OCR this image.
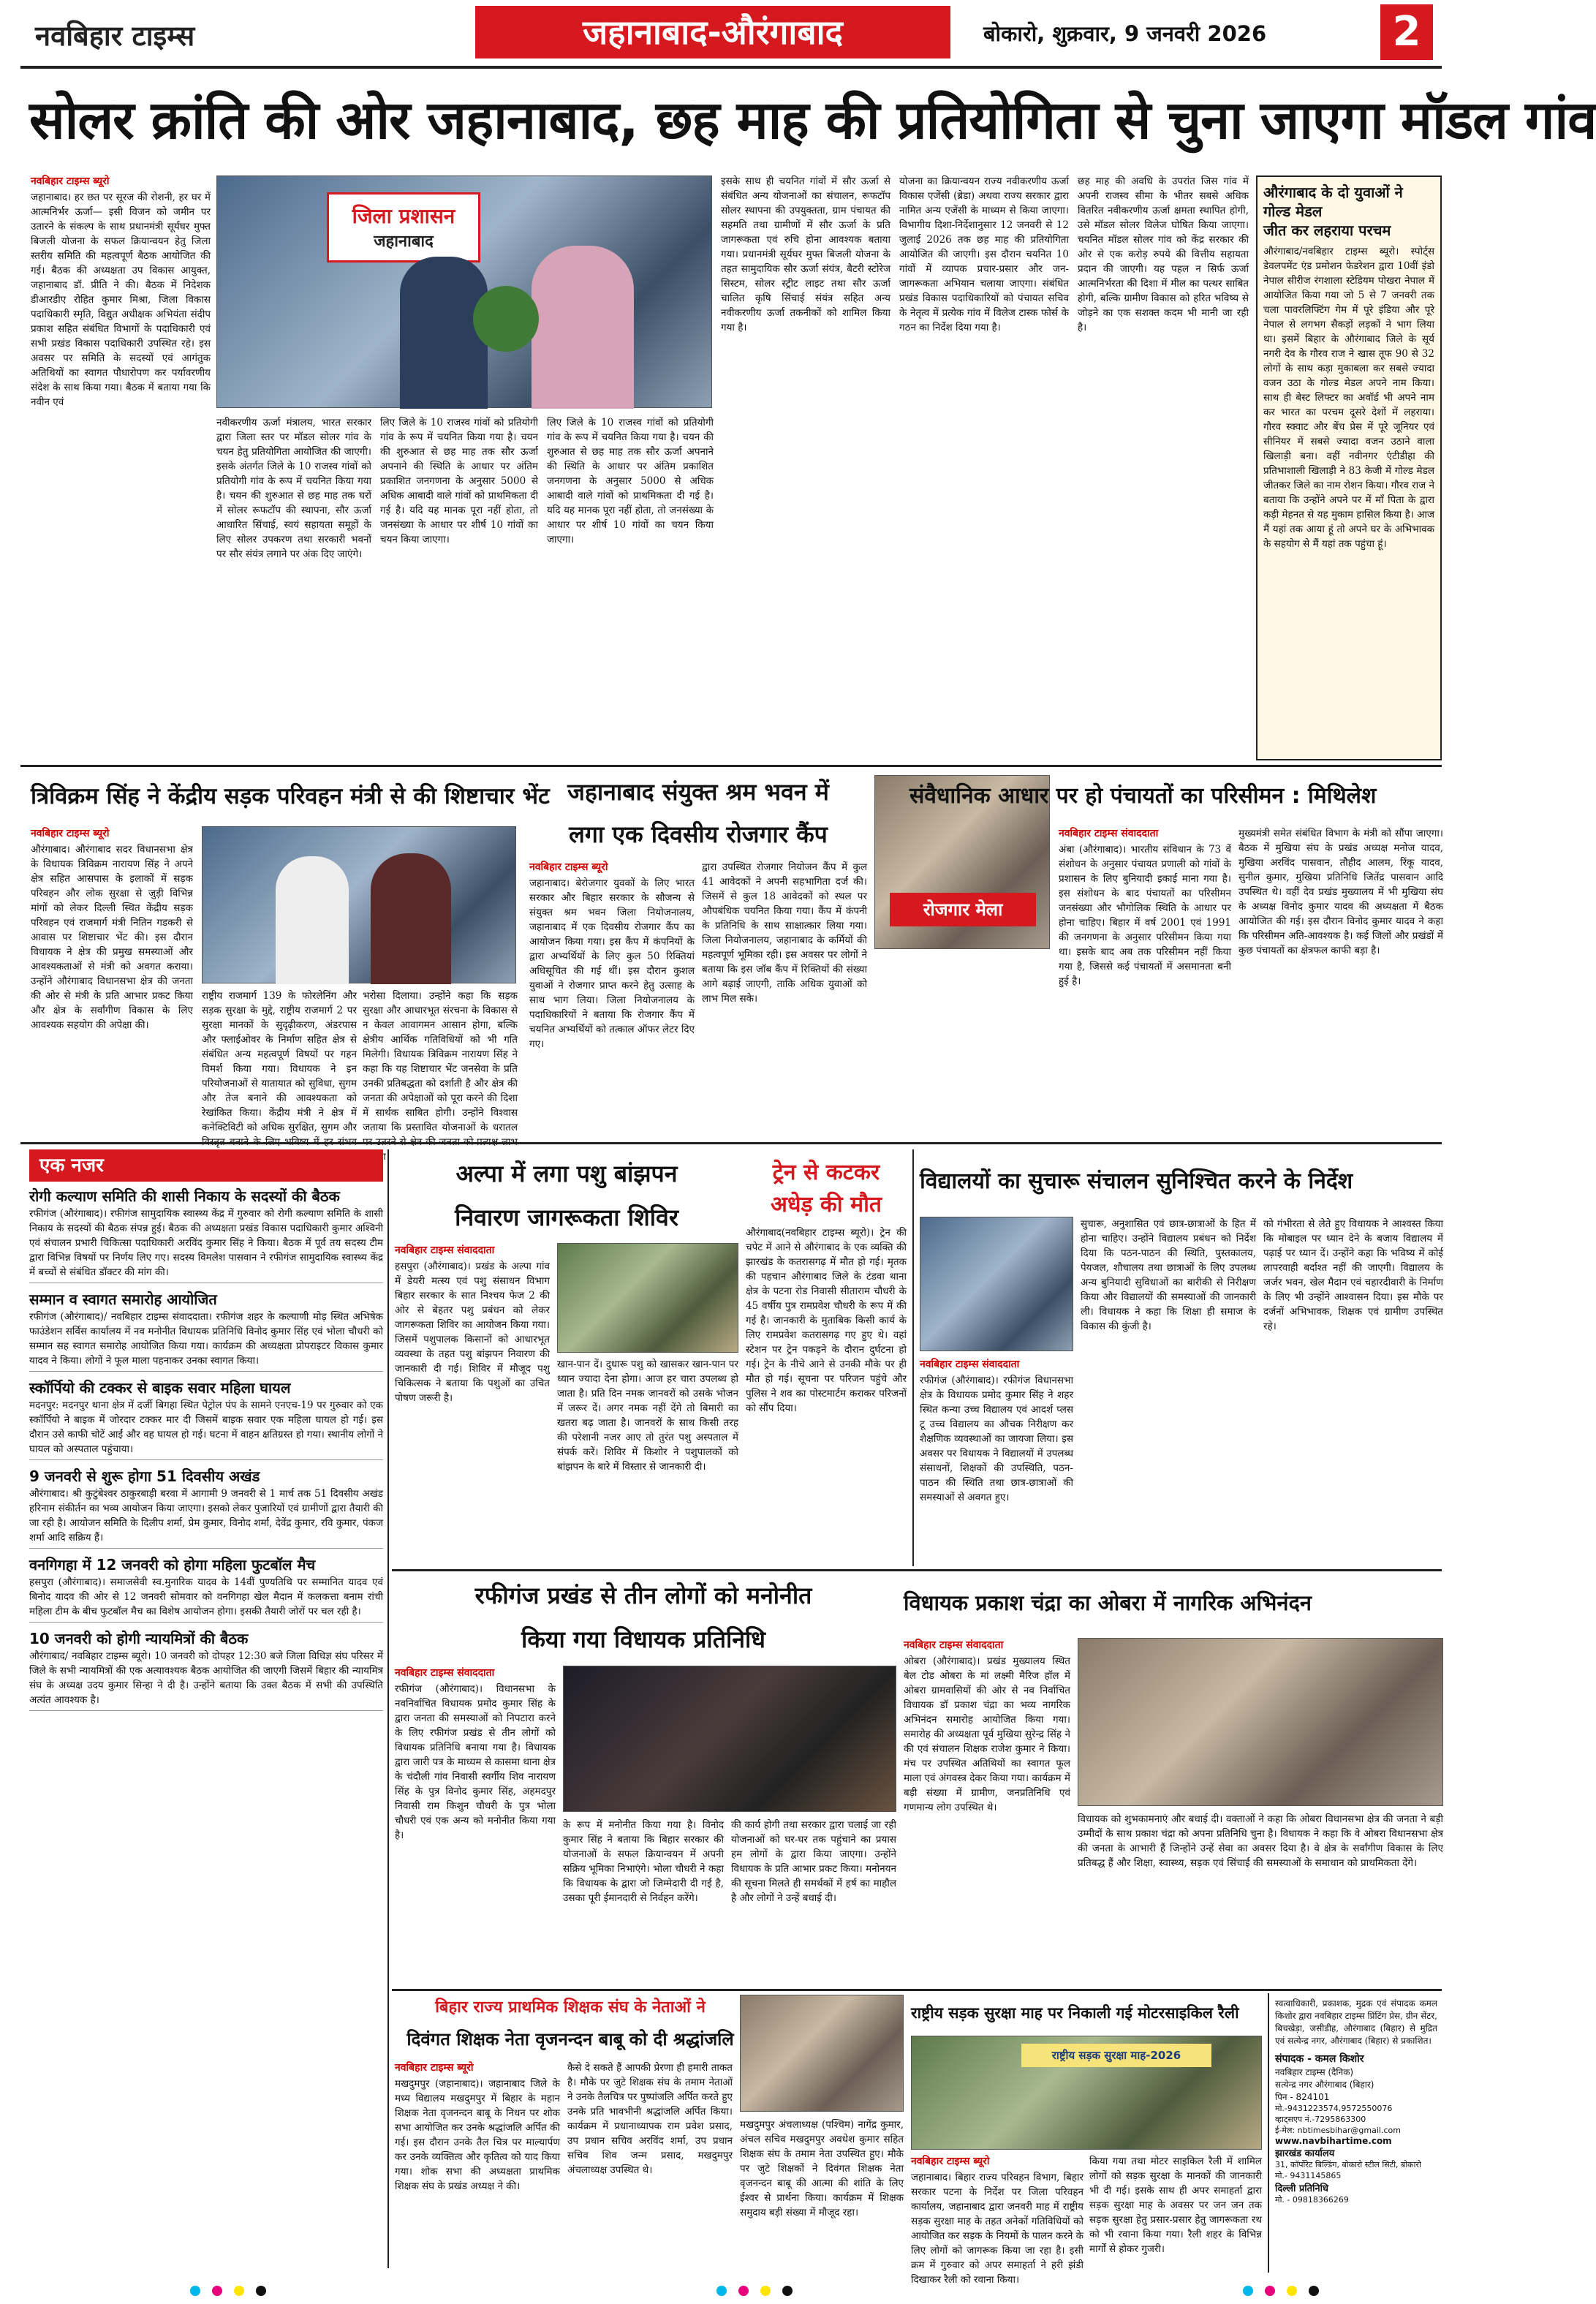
नवबिहार टाइम्स	जहानाबाद-औरंगाबाद	बोकारो, शुक्रवार, 9 जनवरी 2026	2
सोलर क्रांति की ओर जहानाबाद, छह माह की प्रतियोगिता से चुना जाएगा मॉडल गांव
नवबिहार टाइम्स ब्यूरो
जहानाबाद। हर छत पर सूरज की रोशनी, हर घर में आत्मनिर्भर ऊर्जा— इसी विजन को जमीन पर उतारने के संकल्प के साथ प्रधानमंत्री सूर्यघर मुफ्त बिजली योजना के सफल क्रियान्वयन हेतु जिला स्तरीय समिति की महत्वपूर्ण बैठक आयोजित की गई। बैठक की अध्यक्षता उप विकास आयुक्त, जहानाबाद डॉ. प्रीति ने की। बैठक में निदेशक डीआरडीए रोहित कुमार मिश्रा, जिला विकास पदाधिकारी स्मृति, विद्युत अधीक्षक अभियंता संदीप प्रकाश सहित संबंधित विभागों के पदाधिकारी एवं सभी प्रखंड विकास पदाधिकारी उपस्थित रहे। इस अवसर पर समिति के सदस्यों एवं आगंतुक अतिथियों का स्वागत पौधारोपण कर पर्यावरणीय संदेश के साथ किया गया। बैठक में बताया गया कि नवीन एवं
जिला प्रशासन
जहानाबाद
नवीकरणीय ऊर्जा मंत्रालय, भारत सरकार द्वारा जिला स्तर पर मॉडल सोलर गांव के चयन हेतु प्रतियोगिता आयोजित की जाएगी। इसके अंतर्गत जिले के 10 राजस्व गांवों को प्रतियोगी गांव के रूप में चयनित किया गया है। चयन की शुरुआत से छह माह तक घरों में सोलर रूफटॉप की स्थापना, सौर ऊर्जा आधारित सिंचाई, स्वयं सहायता समूहों के लिए सोलर उपकरण तथा सरकारी भवनों पर सौर संयंत्र लगाने पर अंक दिए जाएंगे।
लिए जिले के 10 राजस्व गांवों को प्रतियोगी गांव के रूप में चयनित किया गया है। चयन की शुरुआत से छह माह तक सौर ऊर्जा अपनाने की स्थिति के आधार पर अंतिम प्रकाशित जनगणना के अनुसार 5000 से अधिक आबादी वाले गांवों को प्राथमिकता दी गई है। यदि यह मानक पूरा नहीं होता, तो जनसंख्या के आधार पर शीर्ष 10 गांवों का चयन किया जाएगा।
लिए जिले के 10 राजस्व गांवों को प्रतियोगी गांव के रूप में चयनित किया गया है। चयन की शुरुआत से छह माह तक सौर ऊर्जा अपनाने की स्थिति के आधार पर अंतिम प्रकाशित जनगणना के अनुसार 5000 से अधिक आबादी वाले गांवों को प्राथमिकता दी गई है। यदि यह मानक पूरा नहीं होता, तो जनसंख्या के आधार पर शीर्ष 10 गांवों का चयन किया जाएगा।
इसके साथ ही चयनित गांवों में सौर ऊर्जा से संबंधित अन्य योजनाओं का संचालन, रूफटॉप सोलर स्थापना की उपयुक्तता, ग्राम पंचायत की सहमति तथा ग्रामीणों में सौर ऊर्जा के प्रति जागरूकता एवं रुचि होना आवश्यक बताया गया। प्रधानमंत्री सूर्यघर मुफ्त बिजली योजना के तहत सामुदायिक सौर ऊर्जा संयंत्र, बैटरी स्टोरेज सिस्टम, सोलर स्ट्रीट लाइट तथा सौर ऊर्जा चालित कृषि सिंचाई संयंत्र सहित अन्य नवीकरणीय ऊर्जा तकनीकों को शामिल किया गया है।
योजना का क्रियान्वयन राज्य नवीकरणीय ऊर्जा विकास एजेंसी (ब्रेडा) अथवा राज्य सरकार द्वारा नामित अन्य एजेंसी के माध्यम से किया जाएगा। विभागीय दिशा-निर्देशानुसार 12 जनवरी से 12 जुलाई 2026 तक छह माह की प्रतियोगिता आयोजित की जाएगी। इस दौरान चयनित 10 गांवों में व्यापक प्रचार-प्रसार और जन-जागरूकता अभियान चलाया जाएगा। संबंधित प्रखंड विकास पदाधिकारियों को पंचायत सचिव के नेतृत्व में प्रत्येक गांव में विलेज टास्क फोर्स के गठन का निर्देश दिया गया है।
छह माह की अवधि के उपरांत जिस गांव में अपनी राजस्व सीमा के भीतर सबसे अधिक वितरित नवीकरणीय ऊर्जा क्षमता स्थापित होगी, उसे मॉडल सोलर विलेज घोषित किया जाएगा। चयनित मॉडल सोलर गांव को केंद्र सरकार की ओर से एक करोड़ रुपये की वित्तीय सहायता प्रदान की जाएगी। यह पहल न सिर्फ ऊर्जा आत्मनिर्भरता की दिशा में मील का पत्थर साबित होगी, बल्कि ग्रामीण विकास को हरित भविष्य से जोड़ने का एक सशक्त कदम भी मानी जा रही है।
औरंगाबाद के दो युवाओं ने गोल्ड मेडल
जीत कर लहराया परचम
औरंगाबाद/नवबिहार टाइम्स ब्यूरो। स्पोर्ट्स डेवलपमेंट एंड प्रमोशन फेडरेशन द्वारा 10वीं इंडो नेपाल सीरीज रंगशाला स्टेडियम पोखरा नेपाल में आयोजित किया गया जो 5 से 7 जनवरी तक चला पावरलिफ्टिंग गेम में पूरे इंडिया और पूरे नेपाल से लगभग सैकड़ों लड़कों ने भाग लिया था। इसमें बिहार के औरंगाबाद जिले के सूर्य नगरी देव के गौरव राज ने खास तूफ 90 से 32 लोगों के साथ कड़ा मुकाबला कर सबसे ज्यादा वजन उठा के गोल्ड मेडल अपने नाम किया। साथ ही बेस्ट लिफ्टर का अवॉर्ड भी अपने नाम कर भारत का परचम दूसरे देशों में लहराया। गौरव स्क्वाट और बेंच प्रेस में पूरे जूनियर एवं सीनियर में सबसे ज्यादा वजन उठाने वाला खिलाड़ी बना। वहीं नवीनगर एंटीडीहा की प्रतिभाशाली खिलाड़ी ने 83 केजी में गोल्ड मेडल जीतकर जिले का नाम रोशन किया। गौरव राज ने बताया कि उन्होंने अपने पर में माँ पिता के द्वारा कड़ी मेहनत से यह मुकाम हासिल किया है। आज मैं यहां तक आया हूं तो अपने घर के अभिभावक के सहयोग से मैं यहां तक पहुंचा हूं।
त्रिविक्रम सिंह ने केंद्रीय सड़क परिवहन मंत्री से की शिष्टाचार भेंट
नवबिहार टाइम्स ब्यूरो
औरंगाबाद। औरंगाबाद सदर विधानसभा क्षेत्र के विधायक त्रिविक्रम नारायण सिंह ने अपने क्षेत्र सहित आसपास के इलाकों में सड़क परिवहन और लोक सुरक्षा से जुड़ी विभिन्न मांगों को लेकर दिल्ली स्थित केंद्रीय सड़क परिवहन एवं राजमार्ग मंत्री नितिन गडकरी से आवास पर शिष्टाचार भेंट की। इस दौरान विधायक ने क्षेत्र की प्रमुख समस्याओं और आवश्यकताओं से मंत्री को अवगत कराया। उन्होंने औरंगाबाद विधानसभा क्षेत्र की जनता की ओर से मंत्री के प्रति आभार प्रकट किया और क्षेत्र के सर्वांगीण विकास के लिए आवश्यक सहयोग की अपेक्षा की।
राष्ट्रीय राजमार्ग 139 के फोरलेनिंग और सड़क सुरक्षा के मुद्दे, राष्ट्रीय राजमार्ग 2 पर सुरक्षा मानकों के सुदृढ़ीकरण, अंडरपास और फ्लाईओवर के निर्माण सहित क्षेत्र से संबंधित अन्य महत्वपूर्ण विषयों पर गहन विमर्श किया गया। विधायक ने इन परियोजनाओं से यातायात को सुविधा, सुगम और तेज बनाने की आवश्यकता को रेखांकित किया। केंद्रीय मंत्री ने क्षेत्र में कनेक्टिविटी को अधिक सुरक्षित, सुगम और
भरोसा दिलाया। उन्होंने कहा कि सड़क सुरक्षा और आधारभूत संरचना के विकास से न केवल आवागमन आसान होगा, बल्कि क्षेत्रीय आर्थिक गतिविधियों को भी गति मिलेगी। विधायक त्रिविक्रम नारायण सिंह ने कहा कि यह शिष्टाचार भेंट जनसेवा के प्रति उनकी प्रतिबद्धता को दर्शाती है और क्षेत्र की जनता की अपेक्षाओं को पूरा करने की दिशा में सार्थक साबित होगी। उन्होंने विश्वास जताया कि प्रस्तावित योजनाओं के धरातल
जहानाबाद संयुक्त श्रम भवन में
लगा एक दिवसीय रोजगार कैंप
नवबिहार टाइम्स ब्यूरो
जहानाबाद। बेरोजगार युवकों के लिए भारत सरकार और बिहार सरकार के सौजन्य से संयुक्त श्रम भवन जिला नियोजनालय, जहानाबाद में एक दिवसीय रोजगार कैंप का आयोजन किया गया। इस कैंप में कंपनियों के द्वारा अभ्यर्थियों के लिए कुल 50 रिक्तियां अधिसूचित की गई थीं। इस दौरान कुशल युवाओं ने रोजगार प्राप्त करने हेतु उत्साह के साथ भाग लिया। जिला नियोजनालय के पदाधिकारियों ने बताया कि रोजगार कैंप में चयनित अभ्यर्थियों को तत्काल ऑफर लेटर दिए गए।
द्वारा उपस्थित रोजगार नियोजन कैंप में कुल 41 आवेदकों ने अपनी सहभागिता दर्ज की। जिसमें से कुल 18 आवेदकों को स्थल पर औपबंधिक चयनित किया गया। कैंप में कंपनी के प्रतिनिधि के साथ साक्षात्कार लिया गया। जिला नियोजनालय, जहानाबाद के कर्मियों की महत्वपूर्ण भूमिका रही। इस अवसर पर लोगों ने बताया कि इस जॉब कैंप में रिक्तियों की संख्या आगे बढ़ाई जाएगी, ताकि अधिक युवाओं को लाभ मिल सके।
रोजगार मेला
संवैधानिक आधार पर हो पंचायतों का परिसीमन : मिथिलेश
नवबिहार टाइम्स संवाददाता
अंबा (औरंगाबाद)। भारतीय संविधान के 73 वें संशोधन के अनुसार पंचायत प्रणाली को गांवों के प्रशासन के लिए बुनियादी इकाई माना गया है। इस संशोधन के बाद पंचायतों का परिसीमन जनसंख्या और भौगोलिक स्थिति के आधार पर होना चाहिए। बिहार में वर्ष 2001 एवं 1991 की जनगणना के अनुसार परिसीमन किया गया था। इसके बाद अब तक परिसीमन नहीं किया गया है, जिससे कई पंचायतों में असमानता बनी हुई है।
मुख्यमंत्री समेत संबंधित विभाग के मंत्री को सौंपा जाएगा। बैठक में मुखिया संघ के प्रखंड अध्यक्ष मनोज यादव, मुखिया अरविंद पासवान, तौहीद आलम, रिंकू यादव, सुनील कुमार, मुखिया प्रतिनिधि जितेंद्र पासवान आदि उपस्थित थे। वहीं देव प्रखंड मुख्यालय में भी मुखिया संघ के अध्यक्ष विनोद कुमार यादव की अध्यक्षता में बैठक आयोजित की गई। इस दौरान विनोद कुमार यादव ने कहा कि परिसीमन अति-आवश्यक है। कई जिलों और प्रखंडों में कुछ पंचायतों का क्षेत्रफल काफी बड़ा है।
एक नजर
रोगी कल्याण समिति की शासी निकाय के सदस्यों की बैठक
रफीगंज (औरंगाबाद)। रफीगंज सामुदायिक स्वास्थ्य केंद्र में गुरुवार को रोगी कल्याण समिति के शासी निकाय के सदस्यों की बैठक संपन्न हुई। बैठक की अध्यक्षता प्रखंड विकास पदाधिकारी कुमार अश्विनी एवं संचालन प्रभारी चिकित्सा पदाधिकारी अरविंद कुमार सिंह ने किया। बैठक में पूर्व तय सदस्य टीम द्वारा विभिन्न विषयों पर निर्णय लिए गए। सदस्य विमलेश पासवान ने रफीगंज सामुदायिक स्वास्थ्य केंद्र में बच्चों से संबंधित डॉक्टर की मांग की।
सम्मान व स्वागत समारोह आयोजित
रफीगंज (औरंगाबाद)/ नवबिहार टाइम्स संवाददाता। रफीगंज शहर के कल्याणी मोड़ स्थित अभिषेक फाउंडेशन सर्विस कार्यालय में नव मनोनीत विधायक प्रतिनिधि विनोद कुमार सिंह एवं भोला चौधरी को सम्मान सह स्वागत समारोह आयोजित किया गया। कार्यक्रम की अध्यक्षता प्रोपराइटर विकास कुमार यादव ने किया। लोगों ने फूल माला पहनाकर उनका स्वागत किया।
स्कॉर्पियो की टक्कर से बाइक सवार महिला घायल
मदनपुर: मदनपुर थाना क्षेत्र में दर्जी बिगहा स्थित पेट्रोल पंप के सामने एनएच-19 पर गुरुवार को एक स्कॉर्पियो ने बाइक में जोरदार टक्कर मार दी जिसमें बाइक सवार एक महिला घायल हो गई। इस दौरान उसे काफी चोटें आईं और वह घायल हो गई। घटना में वाहन क्षतिग्रस्त हो गया। स्थानीय लोगों ने घायल को अस्पताल पहुंचाया।
9 जनवरी से शुरू होगा 51 दिवसीय अखंड
औरंगाबाद। श्री कुटुंबेश्वर ठाकुरबाड़ी बरवा में आगामी 9 जनवरी से 1 मार्च तक 51 दिवसीय अखंड हरिनाम संकीर्तन का भव्य आयोजन किया जाएगा। इसको लेकर पुजारियों एवं ग्रामीणों द्वारा तैयारी की जा रही है। आयोजन समिति के दिलीप शर्मा, प्रेम कुमार, विनोद शर्मा, देवेंद्र कुमार, रवि कुमार, पंकज शर्मा आदि सक्रिय हैं।
वनगिगहा में 12 जनवरी को होगा महिला फुटबॉल मैच
हसपुरा (औरंगाबाद)। समाजसेवी स्व.मुनारिक यादव के 14वीं पुण्यतिथि पर सम्मानित यादव एवं बिनोद यादव की ओर से 12 जनवरी सोमवार को वनगिगहा खेल मैदान में कलकत्ता बनाम रांची महिला टीम के बीच फुटबॉल मैच का विशेष आयोजन होगा। इसकी तैयारी जोरों पर चल रही है।
10 जनवरी को होगी न्यायमित्रों की बैठक
औरंगाबाद/ नवबिहार टाइम्स ब्यूरो। 10 जनवरी को दोपहर 12:30 बजे जिला विधिज्ञ संघ परिसर में जिले के सभी न्यायमित्रों की एक अत्यावश्यक बैठक आयोजित की जाएगी जिसमें बिहार की न्यायमित्र संघ के अध्यक्ष उदय कुमार सिन्हा ने दी है। उन्होंने बताया कि उक्त बैठक में सभी की उपस्थिति अत्यंत आवश्यक है।
अल्पा में लगा पशु बांझपन
निवारण जागरूकता शिविर
नवबिहार टाइम्स संवाददाता
हसपुरा (औरंगाबाद)। प्रखंड के अल्पा गांव में डेयरी मत्स्य एवं पशु संसाधन विभाग बिहार सरकार के सात निश्चय फेज 2 की ओर से बेहतर पशु प्रबंधन को लेकर जागरूकता शिविर का आयोजन किया गया। जिसमें पशुपालक किसानों को आधारभूत व्यवस्था के तहत पशु बांझपन निवारण की जानकारी दी गई। शिविर में मौजूद पशु चिकित्सक ने बताया कि पशुओं का उचित पोषण जरूरी है।
खान-पान दें। दुधारू पशु को खासकर खान-पान पर ध्यान ज्यादा देना होगा। आज हर चारा उपलब्ध हो जाता है। प्रति दिन नमक जानवरों को उसके भोजन में जरूर दें। अगर नमक नहीं देंगे तो बिमारी का खतरा बढ़ जाता है। जानवरों के साथ किसी तरह की परेशानी नजर आए तो तुरंत पशु अस्पताल में संपर्क करें। शिविर में किशोर ने पशुपालकों को बांझपन के बारे में विस्तार से जानकारी दी।
ट्रेन से कटकर
अधेड़ की मौत
औरंगाबाद(नवबिहार टाइम्स ब्यूरो)। ट्रेन की चपेट में आने से औरंगाबाद के एक व्यक्ति की झारखंड के कतरासगढ़ में मौत हो गई। मृतक की पहचान औरंगाबाद जिले के टंडवा थाना क्षेत्र के पटना रोड निवासी सीताराम चौधरी के 45 वर्षीय पुत्र रामप्रवेश चौधरी के रूप में की गई है। जानकारी के मुताबिक किसी कार्य के लिए रामप्रवेश कतरासगढ़ गए हुए थे। वहां स्टेशन पर ट्रेन पकड़ने के दौरान दुर्घटना हो गई। ट्रेन के नीचे आने से उनकी मौके पर ही मौत हो गई। सूचना पर परिजन पहुंचे और पुलिस ने शव का पोस्टमार्टम कराकर परिजनों को सौंप दिया।
विद्यालयों का सुचारू संचालन सुनिश्चित करने के निर्देश
नवबिहार टाइम्स संवाददाता
रफीगंज (औरंगाबाद)। रफीगंज विधानसभा क्षेत्र के विधायक प्रमोद कुमार सिंह ने शहर स्थित कन्या उच्च विद्यालय एवं आदर्श प्लस टू उच्च विद्यालय का औचक निरीक्षण कर शैक्षणिक व्यवस्थाओं का जायजा लिया। इस अवसर पर विधायक ने विद्यालयों में उपलब्ध संसाधनों, शिक्षकों की उपस्थिति, पठन-पाठन की स्थिति तथा छात्र-छात्राओं की समस्याओं से अवगत हुए।
सुचारू, अनुशासित एवं छात्र-छात्राओं के हित में होना चाहिए। उन्होंने विद्यालय प्रबंधन को निर्देश दिया कि पठन-पाठन की स्थिति, पुस्तकालय, पेयजल, शौचालय तथा छात्राओं के लिए उपलब्ध अन्य बुनियादी सुविधाओं का बारीकी से निरीक्षण किया और विद्यालयों की समस्याओं की जानकारी ली। विधायक ने कहा कि शिक्षा ही समाज के विकास की कुंजी है।
को गंभीरता से लेते हुए विधायक ने आश्वस्त किया कि मोबाइल पर ध्यान देने के बजाय विद्यालय में पढ़ाई पर ध्यान दें। उन्होंने कहा कि भविष्य में कोई लापरवाही बर्दाश्त नहीं की जाएगी। विद्यालय के जर्जर भवन, खेल मैदान एवं चहारदीवारी के निर्माण के लिए भी उन्होंने आश्वासन दिया। इस मौके पर दर्जनों अभिभावक, शिक्षक एवं ग्रामीण उपस्थित रहे।
रफीगंज प्रखंड से तीन लोगों को मनोनीत
किया गया विधायक प्रतिनिधि
नवबिहार टाइम्स संवाददाता
रफीगंज (औरंगाबाद)। विधानसभा के नवनिर्वाचित विधायक प्रमोद कुमार सिंह के द्वारा जनता की समस्याओं को निपटारा करने के लिए रफीगंज प्रखंड से तीन लोगों को विधायक प्रतिनिधि बनाया गया है। विधायक द्वारा जारी पत्र के माध्यम से कासमा थाना क्षेत्र के चंदौली गांव निवासी स्वर्गीय शिव नारायण सिंह के पुत्र विनोद कुमार सिंह, अहमदपुर निवासी राम किशुन चौधरी के पुत्र भोला चौधरी एवं एक अन्य को मनोनीत किया गया है।
के रूप में मनोनीत किया गया है। विनोद कुमार सिंह ने बताया कि बिहार सरकार की योजनाओं के सफल क्रियान्वयन में अपनी सक्रिय भूमिका निभाएंगे। भोला चौधरी ने कहा कि विधायक के द्वारा जो जिम्मेदारी दी गई है, उसका पूरी ईमानदारी से निर्वहन करेंगे।
की कार्य होगी तथा सरकार द्वारा चलाई जा रही योजनाओं को घर-घर तक पहुंचाने का प्रयास हम लोगों के द्वारा किया जाएगा। उन्होंने विधायक के प्रति आभार प्रकट किया। मनोनयन की सूचना मिलते ही समर्थकों में हर्ष का माहौल है और लोगों ने उन्हें बधाई दी।
विधायक प्रकाश चंद्रा का ओबरा में नागरिक अभिनंदन
नवबिहार टाइम्स संवाददाता
ओबरा (औरंगाबाद)। प्रखंड मुख्यालय स्थित बेल टोड ओबरा के मां लक्ष्मी मैरिज हॉल में ओबरा ग्रामवासियों की ओर से नव निर्वाचित विधायक डॉ प्रकाश चंद्रा का भव्य नागरिक अभिनंदन समारोह आयोजित किया गया। समारोह की अध्यक्षता पूर्व मुखिया सुरेन्द्र सिंह ने की एवं संचालन शिक्षक राजेश कुमार ने किया। मंच पर उपस्थित अतिथियों का स्वागत फूल माला एवं अंगवस्त्र देकर किया गया। कार्यक्रम में बड़ी संख्या में ग्रामीण, जनप्रतिनिधि एवं गणमान्य लोग उपस्थित थे।
विधायक को शुभकामनाएं और बधाई दी। वक्ताओं ने कहा कि ओबरा विधानसभा क्षेत्र की जनता ने बड़ी उम्मीदों के साथ प्रकाश चंद्रा को अपना प्रतिनिधि चुना है। विधायक ने कहा कि वे ओबरा विधानसभा क्षेत्र की जनता के आभारी हैं जिन्होंने उन्हें सेवा का अवसर दिया है। वे क्षेत्र के सर्वांगीण विकास के लिए प्रतिबद्ध हैं और शिक्षा, स्वास्थ्य, सड़क एवं सिंचाई की समस्याओं के समाधान को प्राथमिकता देंगे।
बिहार राज्य प्राथमिक शिक्षक संघ के नेताओं ने
दिवंगत शिक्षक नेता वृजनन्दन बाबू को दी श्रद्धांजलि
नवबिहार टाइम्स ब्यूरो
मखदुमपुर (जहानाबाद)। जहानाबाद जिले के मध्य विद्यालय मखदुमपुर में बिहार के महान शिक्षक नेता वृजनन्दन बाबू के निधन पर शोक सभा आयोजित कर उनके श्रद्धांजलि अर्पित की गई। इस दौरान उनके तैल चित्र पर माल्यार्पण कर उनके व्यक्तित्व और कृतित्व को याद किया गया। शोक सभा की अध्यक्षता प्राथमिक शिक्षक संघ के प्रखंड अध्यक्ष ने की।
कैसे दे सकते हैं आपकी प्रेरणा ही हमारी ताकत है। मौके पर जुटे शिक्षक संघ के तमाम नेताओं ने उनके तैलचित्र पर पुष्पांजलि अर्पित करते हुए उनके प्रति भावभीनी श्रद्धांजलि अर्पित किया। कार्यक्रम में प्रधानाध्यापक राम प्रवेश प्रसाद, उप प्रधान सचिव अरविंद शर्मा, उप प्रधान सचिव शिव जन्म प्रसाद, मखदुमपुर अंचलाध्यक्ष उपस्थित थे।
मखदुमपुर अंचलाध्यक्ष (पश्चिम) नागेंद्र कुमार, अंचल सचिव मखदुमपुर अवधेश कुमार सहित शिक्षक संघ के तमाम नेता उपस्थित हुए। मौके पर जुटे शिक्षकों ने दिवंगत शिक्षक नेता वृजनन्दन बाबू की आत्मा की शांति के लिए ईश्वर से प्रार्थना किया। कार्यक्रम में शिक्षक समुदाय बड़ी संख्या में मौजूद रहा।
राष्ट्रीय सड़क सुरक्षा माह पर निकाली गई मोटरसाइकिल रैली
राष्ट्रीय सड़क सुरक्षा माह-2026
नवबिहार टाइम्स ब्यूरो
जहानाबाद। बिहार राज्य परिवहन विभाग, बिहार सरकार पटना के निर्देश पर जिला परिवहन कार्यालय, जहानाबाद द्वारा जनवरी माह में राष्ट्रीय सड़क सुरक्षा माह के तहत अनेकों गतिविधियों को आयोजित कर सड़क के नियमों के पालन करने के लिए लोगों को जागरूक किया जा रहा है। इसी क्रम में गुरुवार को अपर समाहर्ता ने हरी झंडी दिखाकर रैली को रवाना किया।
किया गया तथा मोटर साइकिल रैली में शामिल लोगों को सड़क सुरक्षा के मानकों की जानकारी भी दी गई। इसके साथ ही अपर समाहर्ता द्वारा सड़क सुरक्षा माह के अवसर पर जन जन तक सड़क सुरक्षा हेतु प्रसार-प्रसार हेतु जागरूकता रथ को भी रवाना किया गया। रैली शहर के विभिन्न मार्गों से होकर गुजरी।
स्वत्वाधिकारी, प्रकाशक, मुद्रक एवं संपादक कमल किशोर द्वारा नवबिहार टाइम्स प्रिंटिंग प्रेस, ग्रीन सेंटर, बिचखेड़ा, जसीडीह, औरंगाबाद (बिहार) से मुद्रित एवं सत्येन्द्र नगर, औरंगाबाद (बिहार) से प्रकाशित।
संपादक - कमल किशोर
नवबिहार टाइम्स (दैनिक)
सत्येन्द्र नगर औरंगाबाद (बिहार)
पिन - 824101
मो.-9431223574,9572550076
व्हाट्सएप नं.-7295863300
ई-मेल: nbtimesbihar@gmail.com
www.navbihartime.com
झारखंड कार्यालय
31, कॉर्पोरेट बिल्डिंग, बोकारो स्टील सिटी, बोकारो
मो.- 9431145865
दिल्ली प्रतिनिधि
मो. - 09818366269
